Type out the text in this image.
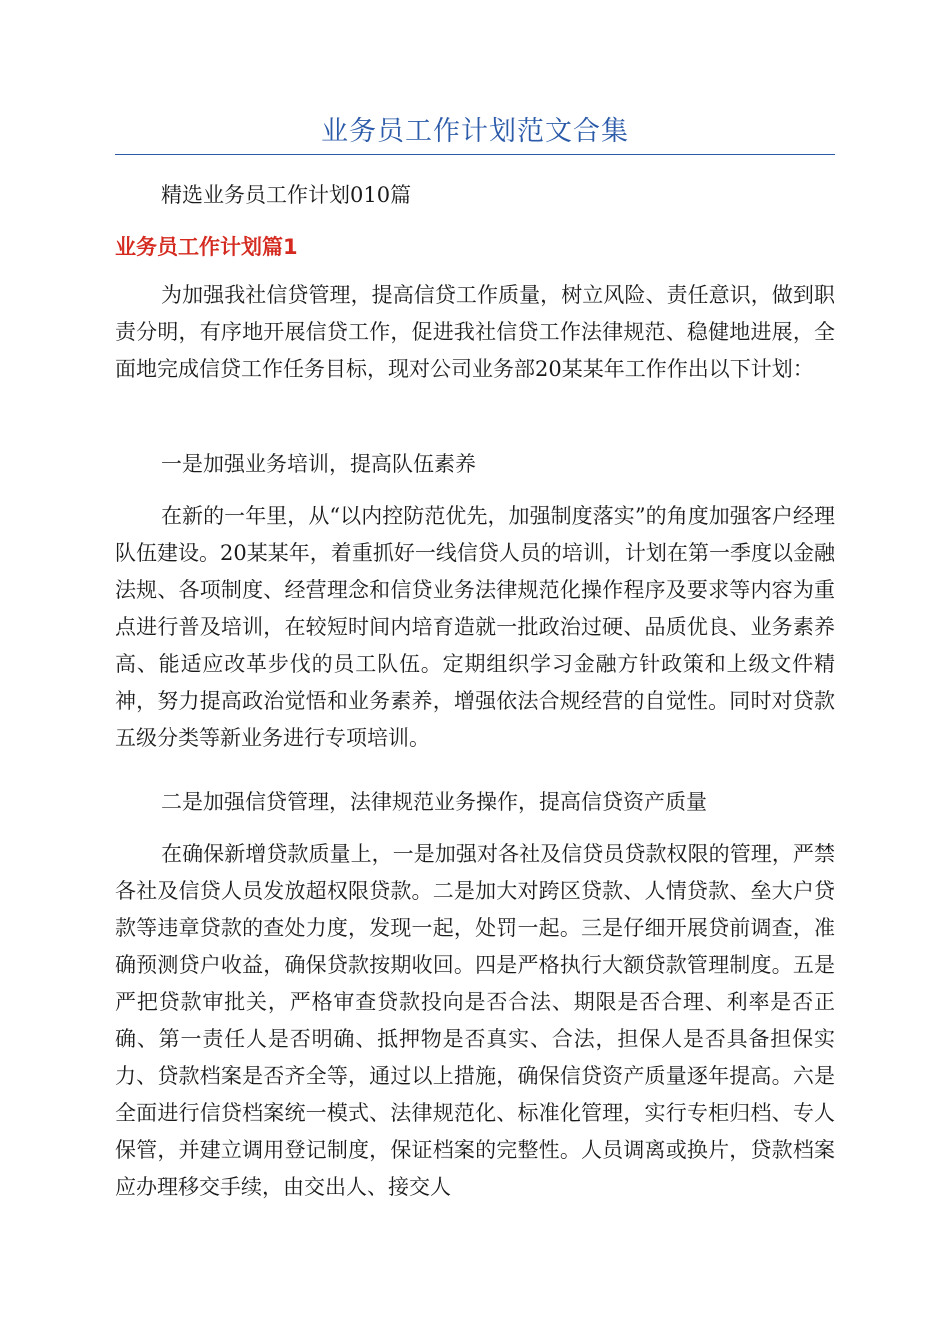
业务员工作计划范文合集

精选业务员工作计划010篇

业务员工作计划篇1

为加强我社信贷管理，提高信贷工作质量，树立风险、责任意识，做到职责分明，有序地开展信贷工作，促进我社信贷工作法律规范、稳健地进展，全面地完成信贷工作任务目标，现对公司业务部20某某年工作作出以下计划：

一是加强业务培训，提高队伍素养

在新的一年里，从“以内控防范优先，加强制度落实”的角度加强客户经理队伍建设。20某某年，着重抓好一线信贷人员的培训，计划在第一季度以金融法规、各项制度、经营理念和信贷业务法律规范化操作程序及要求等内容为重点进行普及培训，在较短时间内培育造就一批政治过硬、品质优良、业务素养高、能适应改革步伐的员工队伍。定期组织学习金融方针政策和上级文件精神，努力提高政治觉悟和业务素养，增强依法合规经营的自觉性。同时对贷款五级分类等新业务进行专项培训。

二是加强信贷管理，法律规范业务操作，提高信贷资产质量

在确保新增贷款质量上，一是加强对各社及信贷员贷款权限的管理，严禁各社及信贷人员发放超权限贷款。二是加大对跨区贷款、人情贷款、垒大户贷款等违章贷款的查处力度，发现一起，处罚一起。三是仔细开展贷前调查，准确预测贷户收益，确保贷款按期收回。四是严格执行大额贷款管理制度。五是严把贷款审批关，严格审查贷款投向是否合法、期限是否合理、利率是否正确、第一责任人是否明确、抵押物是否真实、合法，担保人是否具备担保实力、贷款档案是否齐全等，通过以上措施，确保信贷资产质量逐年提高。六是全面进行信贷档案统一模式、法律规范化、标准化管理，实行专柜归档、专人保管，并建立调用登记制度，保证档案的完整性。人员调离或换片，贷款档案应办理移交手续，由交出人、接交人
